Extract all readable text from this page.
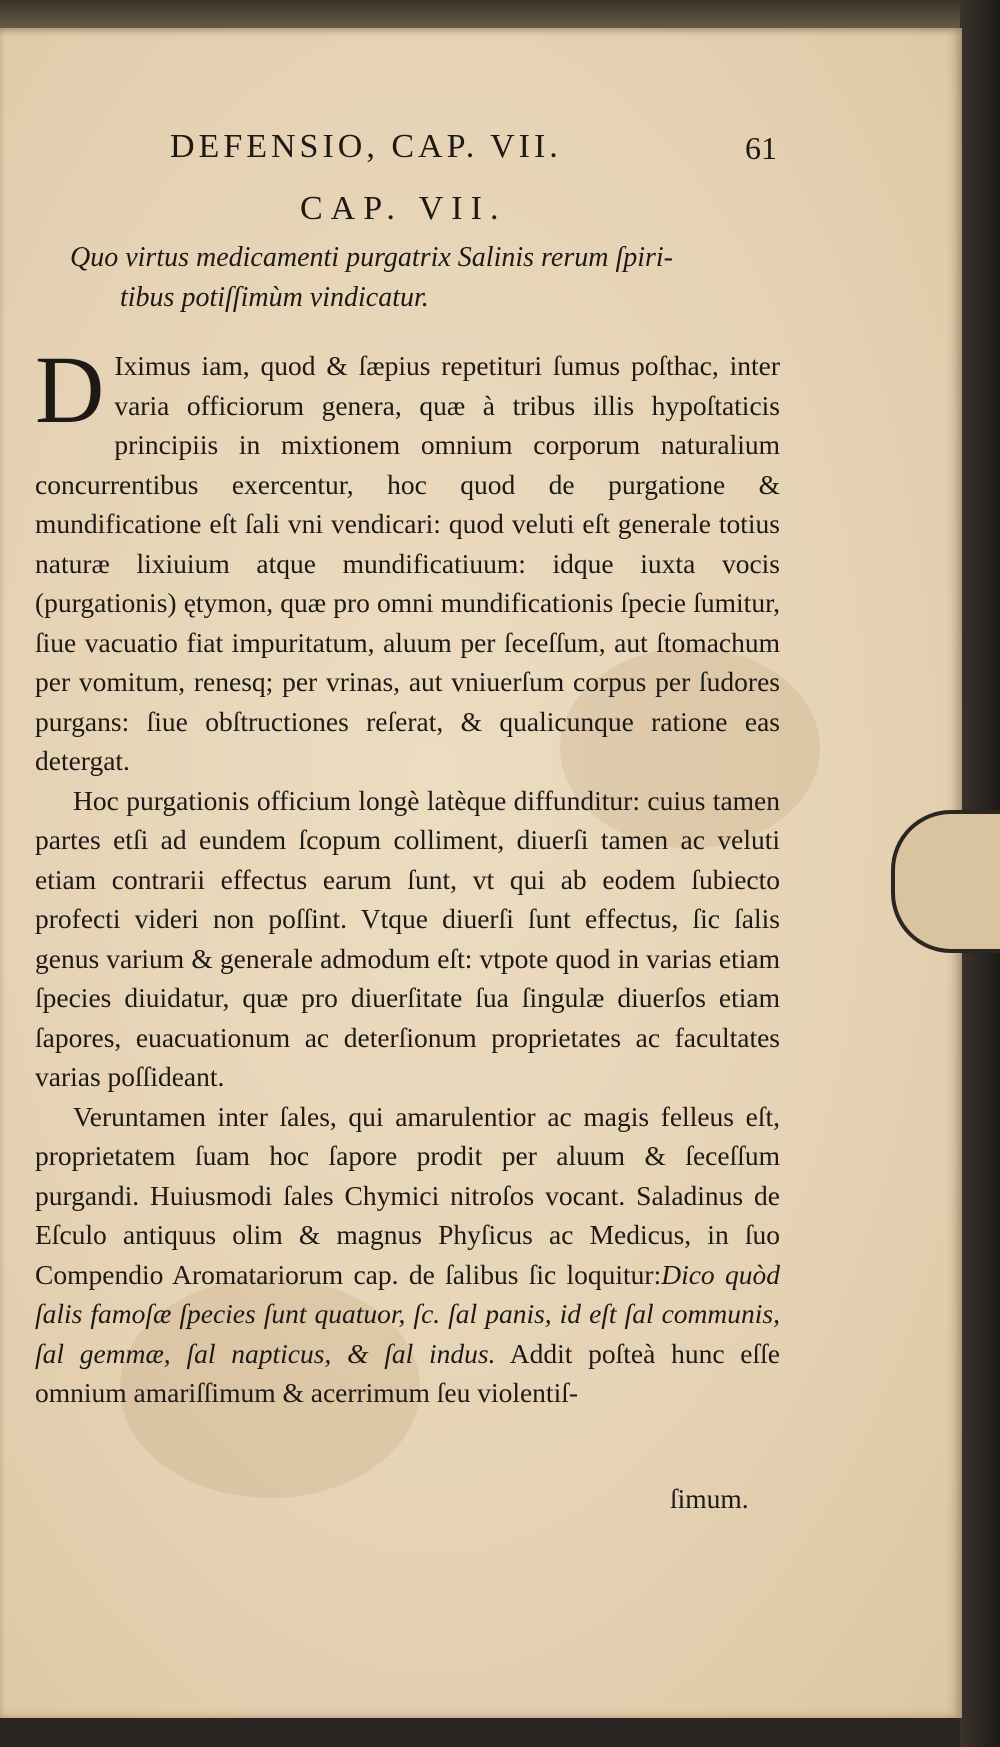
DEFENSIO, CAP. VII.	61
CAP. VII.
Quo virtus medicamenti purgatrix Salinis rerum ſpiri-
tibus potiſſimùm vindicatur.

D Iximus iam, quod & ſæpius repetituri ſumus poſthac, inter varia officiorum genera, quæ à tribus illis hypoſtaticis principiis in mixtionem omnium corporum naturalium concurrentibus exercentur, hoc quod de purgatione & mundificatione eſt ſali vni vendicari: quod veluti eſt generale totius naturæ lixiuium atque mundificatiuum: idque iuxta vocis (purgationis) ętymon, quæ pro omni mundificationis ſpecie ſumitur, ſiue vacuatio fiat impuritatum, aluum per ſeceſſum, aut ſtomachum per vomitum, renesq; per vrinas, aut vniuerſum corpus per ſudores purgans: ſiue obſtructiones reſerat, & qualicunque ratione eas detergat.

Hoc purgationis officium longè latèque diffunditur: cuius tamen partes etſi ad eundem ſcopum colliment, diuerſi tamen ac veluti etiam contrarii effectus earum ſunt, vt qui ab eodem ſubiecto profecti videri non poſſint. Vtque diuerſi ſunt effectus, ſic ſalis genus varium & generale admodum eſt: vtpote quod in varias etiam ſpecies diuidatur, quæ pro diuerſitate ſua ſingulæ diuerſos etiam ſapores, euacuationum ac deterſionum proprietates ac facultates varias poſſideant.

Veruntamen inter ſales, qui amarulentior ac magis felleus eſt, proprietatem ſuam hoc ſapore prodit per aluum & ſeceſſum purgandi. Huiusmodi ſales Chymici nitroſos vocant. Saladinus de Eſculo antiquus olim & magnus Phyſicus ac Medicus, in ſuo Compendio Aromatariorum cap. de ſalibus ſic loquitur:Dico quòd ſalis famoſæ ſpecies ſunt quatuor, ſc. ſal panis, id eſt ſal communis, ſal gemmæ, ſal napticus, & ſal indus. Addit poſteà hunc eſſe omnium amariſſimum & acerrimum ſeu violentiſ-

ſimum.
